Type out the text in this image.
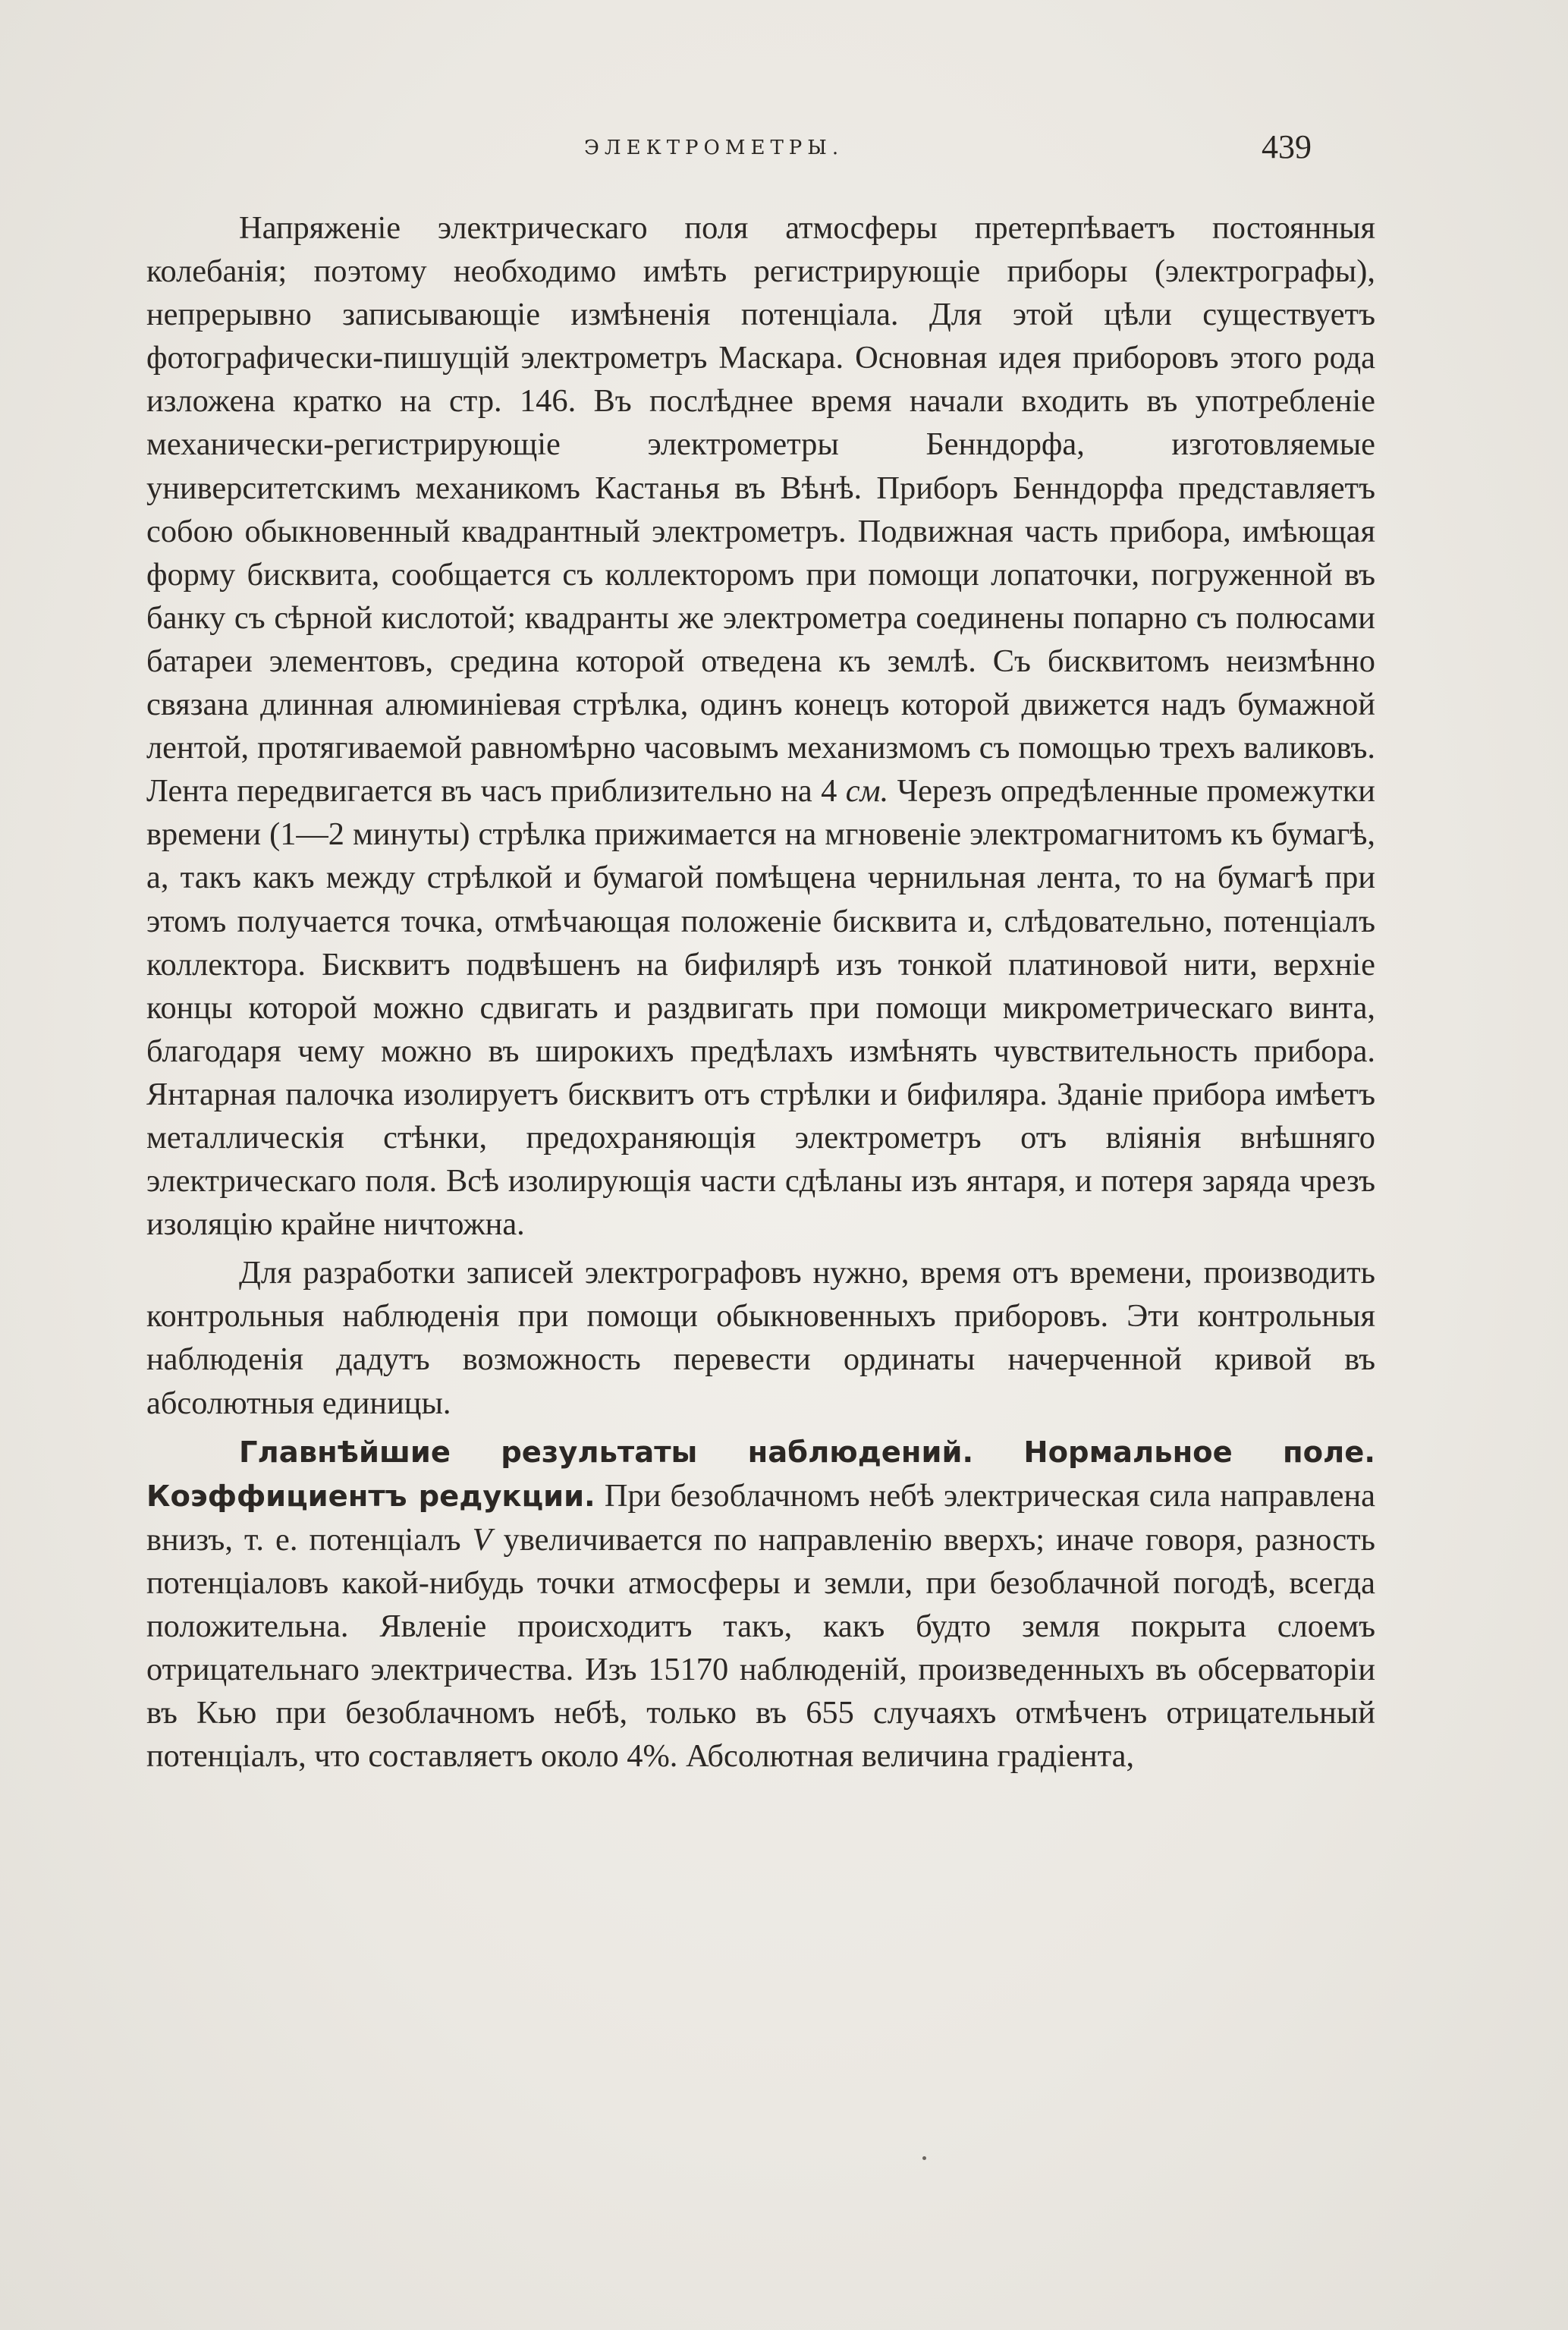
ЭЛЕКТРОМЕТРЫ.	439

Напряженіе электрическаго поля атмосферы претерпѣваетъ постоянныя колебанія; поэтому необходимо имѣть регистрирующіе приборы (электрографы), непрерывно записывающіе измѣненія потенціала. Для этой цѣли существуетъ фотографически-пишущій электрометръ Маскара. Основная идея приборовъ этого рода изложена кратко на стр. 146. Въ послѣднее время начали входить въ употребленіе механически-регистрирующіе электрометры Бенндорфа, изготовляемые университетскимъ механикомъ Кастанья въ Вѣнѣ. Приборъ Бенндорфа представляетъ собою обыкновенный квадрантный электрометръ. Подвижная часть прибора, имѣющая форму бисквита, сообщается съ коллекторомъ при помощи лопаточки, погруженной въ банку съ сѣрной кислотой; квадранты же электрометра соединены попарно съ полюсами батареи элементовъ, средина которой отведена къ землѣ. Съ бисквитомъ неизмѣнно связана длинная алюминіевая стрѣлка, одинъ конецъ которой движется надъ бумажной лентой, протягиваемой равномѣрно часовымъ механизмомъ съ помощью трехъ валиковъ. Лента передвигается въ часъ приблизительно на 4 см. Черезъ опредѣленные промежутки времени (1—2 минуты) стрѣлка прижимается на мгновеніе электромагнитомъ къ бумагѣ, а, такъ какъ между стрѣлкой и бумагой помѣщена чернильная лента, то на бумагѣ при этомъ получается точка, отмѣчающая положеніе бисквита и, слѣдовательно, потенціалъ коллектора. Бисквитъ подвѣшенъ на бифилярѣ изъ тонкой платиновой нити, верхніе концы которой можно сдвигать и раздвигать при помощи микрометрическаго винта, благодаря чему можно въ широкихъ предѣлахъ измѣнять чувствительность прибора. Янтарная палочка изолируетъ бисквитъ отъ стрѣлки и бифиляра. Зданіе прибора имѣетъ металлическія стѣнки, предохраняющія электрометръ отъ вліянія внѣшняго электрическаго поля. Всѣ изолирующія части сдѣланы изъ янтаря, и потеря заряда чрезъ изоляцію крайне ничтожна.

Для разработки записей электрографовъ нужно, время отъ времени, производить контрольныя наблюденія при помощи обыкновенныхъ приборовъ. Эти контрольныя наблюденія дадутъ возможность перевести ординаты начерченной кривой въ абсолютныя единицы.

Главнѣйшие результаты наблюдений. Нормальное поле. Коэффициентъ редукции. При безоблачномъ небѣ электрическая сила направлена внизъ, т. е. потенціалъ V увеличивается по направленію вверхъ; иначе говоря, разность потенціаловъ какой-нибудь точки атмосферы и земли, при безоблачной погодѣ, всегда положительна. Явленіе происходитъ такъ, какъ будто земля покрыта слоемъ отрицательнаго электричества. Изъ 15170 наблюденій, произведенныхъ въ обсерваторіи въ Кью при безоблачномъ небѣ, только въ 655 случаяхъ отмѣченъ отрицательный потенціалъ, что составляетъ около 4%. Абсолютная величина градіента,
